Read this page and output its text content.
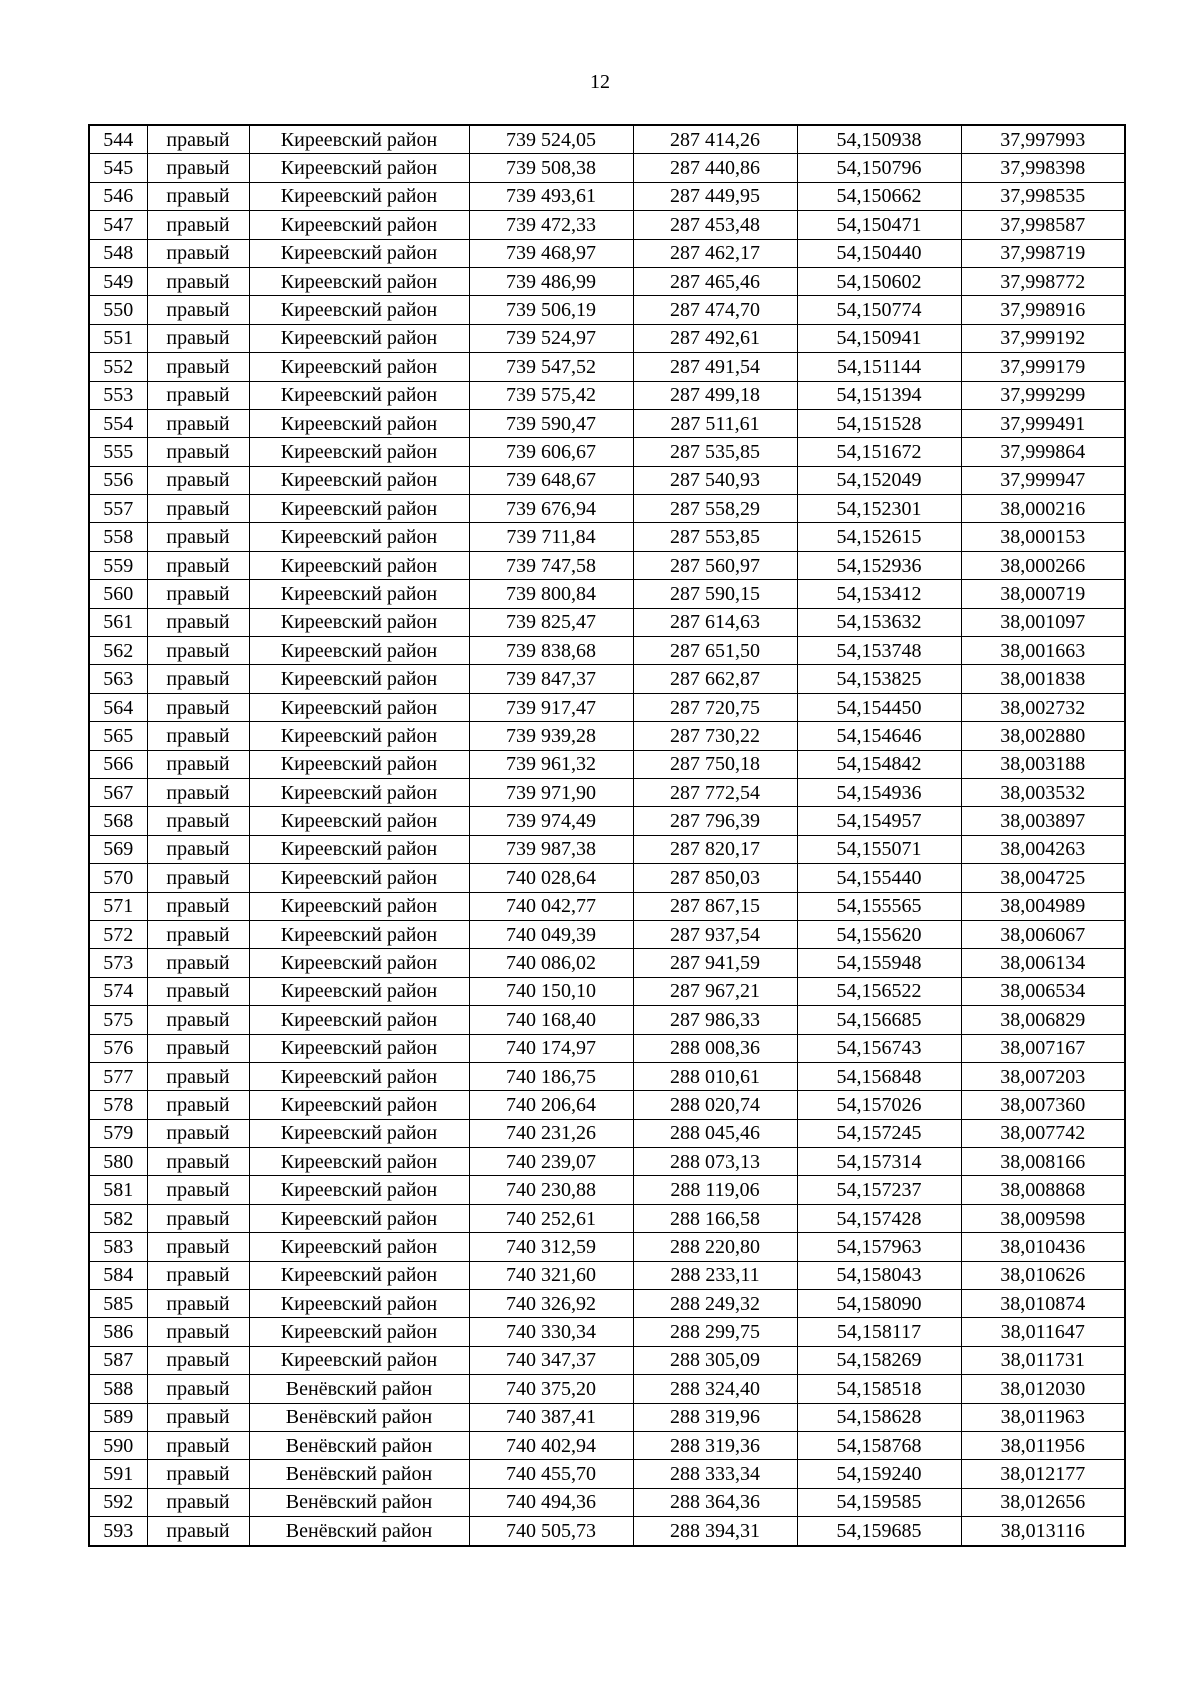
12
544	правый	Киреевский район	739 524,05	287 414,26	54,150938	37,997993
545	правый	Киреевский район	739 508,38	287 440,86	54,150796	37,998398
546	правый	Киреевский район	739 493,61	287 449,95	54,150662	37,998535
547	правый	Киреевский район	739 472,33	287 453,48	54,150471	37,998587
548	правый	Киреевский район	739 468,97	287 462,17	54,150440	37,998719
549	правый	Киреевский район	739 486,99	287 465,46	54,150602	37,998772
550	правый	Киреевский район	739 506,19	287 474,70	54,150774	37,998916
551	правый	Киреевский район	739 524,97	287 492,61	54,150941	37,999192
552	правый	Киреевский район	739 547,52	287 491,54	54,151144	37,999179
553	правый	Киреевский район	739 575,42	287 499,18	54,151394	37,999299
554	правый	Киреевский район	739 590,47	287 511,61	54,151528	37,999491
555	правый	Киреевский район	739 606,67	287 535,85	54,151672	37,999864
556	правый	Киреевский район	739 648,67	287 540,93	54,152049	37,999947
557	правый	Киреевский район	739 676,94	287 558,29	54,152301	38,000216
558	правый	Киреевский район	739 711,84	287 553,85	54,152615	38,000153
559	правый	Киреевский район	739 747,58	287 560,97	54,152936	38,000266
560	правый	Киреевский район	739 800,84	287 590,15	54,153412	38,000719
561	правый	Киреевский район	739 825,47	287 614,63	54,153632	38,001097
562	правый	Киреевский район	739 838,68	287 651,50	54,153748	38,001663
563	правый	Киреевский район	739 847,37	287 662,87	54,153825	38,001838
564	правый	Киреевский район	739 917,47	287 720,75	54,154450	38,002732
565	правый	Киреевский район	739 939,28	287 730,22	54,154646	38,002880
566	правый	Киреевский район	739 961,32	287 750,18	54,154842	38,003188
567	правый	Киреевский район	739 971,90	287 772,54	54,154936	38,003532
568	правый	Киреевский район	739 974,49	287 796,39	54,154957	38,003897
569	правый	Киреевский район	739 987,38	287 820,17	54,155071	38,004263
570	правый	Киреевский район	740 028,64	287 850,03	54,155440	38,004725
571	правый	Киреевский район	740 042,77	287 867,15	54,155565	38,004989
572	правый	Киреевский район	740 049,39	287 937,54	54,155620	38,006067
573	правый	Киреевский район	740 086,02	287 941,59	54,155948	38,006134
574	правый	Киреевский район	740 150,10	287 967,21	54,156522	38,006534
575	правый	Киреевский район	740 168,40	287 986,33	54,156685	38,006829
576	правый	Киреевский район	740 174,97	288 008,36	54,156743	38,007167
577	правый	Киреевский район	740 186,75	288 010,61	54,156848	38,007203
578	правый	Киреевский район	740 206,64	288 020,74	54,157026	38,007360
579	правый	Киреевский район	740 231,26	288 045,46	54,157245	38,007742
580	правый	Киреевский район	740 239,07	288 073,13	54,157314	38,008166
581	правый	Киреевский район	740 230,88	288 119,06	54,157237	38,008868
582	правый	Киреевский район	740 252,61	288 166,58	54,157428	38,009598
583	правый	Киреевский район	740 312,59	288 220,80	54,157963	38,010436
584	правый	Киреевский район	740 321,60	288 233,11	54,158043	38,010626
585	правый	Киреевский район	740 326,92	288 249,32	54,158090	38,010874
586	правый	Киреевский район	740 330,34	288 299,75	54,158117	38,011647
587	правый	Киреевский район	740 347,37	288 305,09	54,158269	38,011731
588	правый	Венёвский район	740 375,20	288 324,40	54,158518	38,012030
589	правый	Венёвский район	740 387,41	288 319,96	54,158628	38,011963
590	правый	Венёвский район	740 402,94	288 319,36	54,158768	38,011956
591	правый	Венёвский район	740 455,70	288 333,34	54,159240	38,012177
592	правый	Венёвский район	740 494,36	288 364,36	54,159585	38,012656
593	правый	Венёвский район	740 505,73	288 394,31	54,159685	38,013116
